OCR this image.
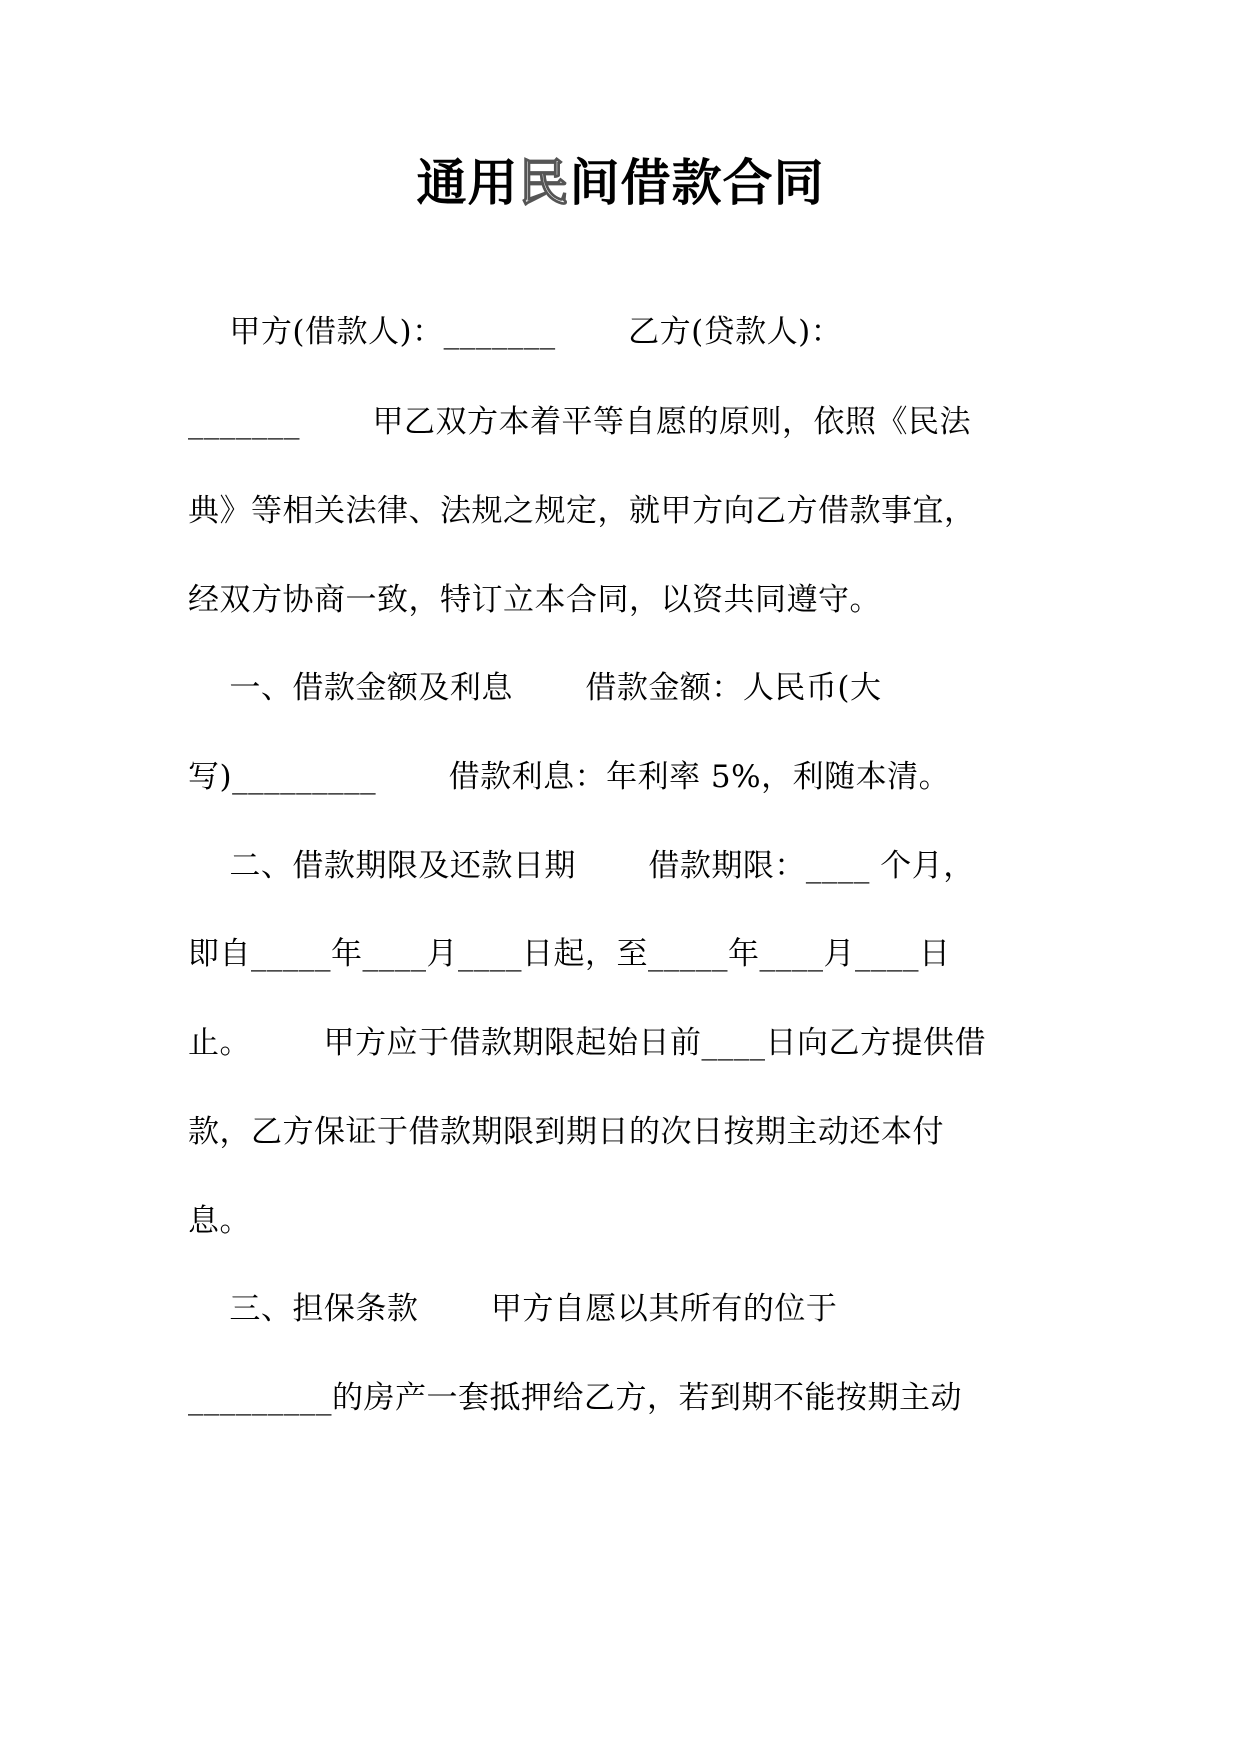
通用民间借款合同
甲方(借款人)：_______       乙方(贷款人)：
_______       甲乙双方本着平等自愿的原则，依照《民法
典》等相关法律、法规之规定，就甲方向乙方借款事宜，
经双方协商一致，特订立本合同，以资共同遵守。
一、借款金额及利息       借款金额：人民币(大
写)_________       借款利息：年利率 5%，利随本清。
二、借款期限及还款日期       借款期限：____ 个月，
即自_____年____月____日起，至_____年____月____日
止。       甲方应于借款期限起始日前____日向乙方提供借
款，乙方保证于借款期限到期日的次日按期主动还本付
息。
三、担保条款       甲方自愿以其所有的位于
_________的房产一套抵押给乙方，若到期不能按期主动
